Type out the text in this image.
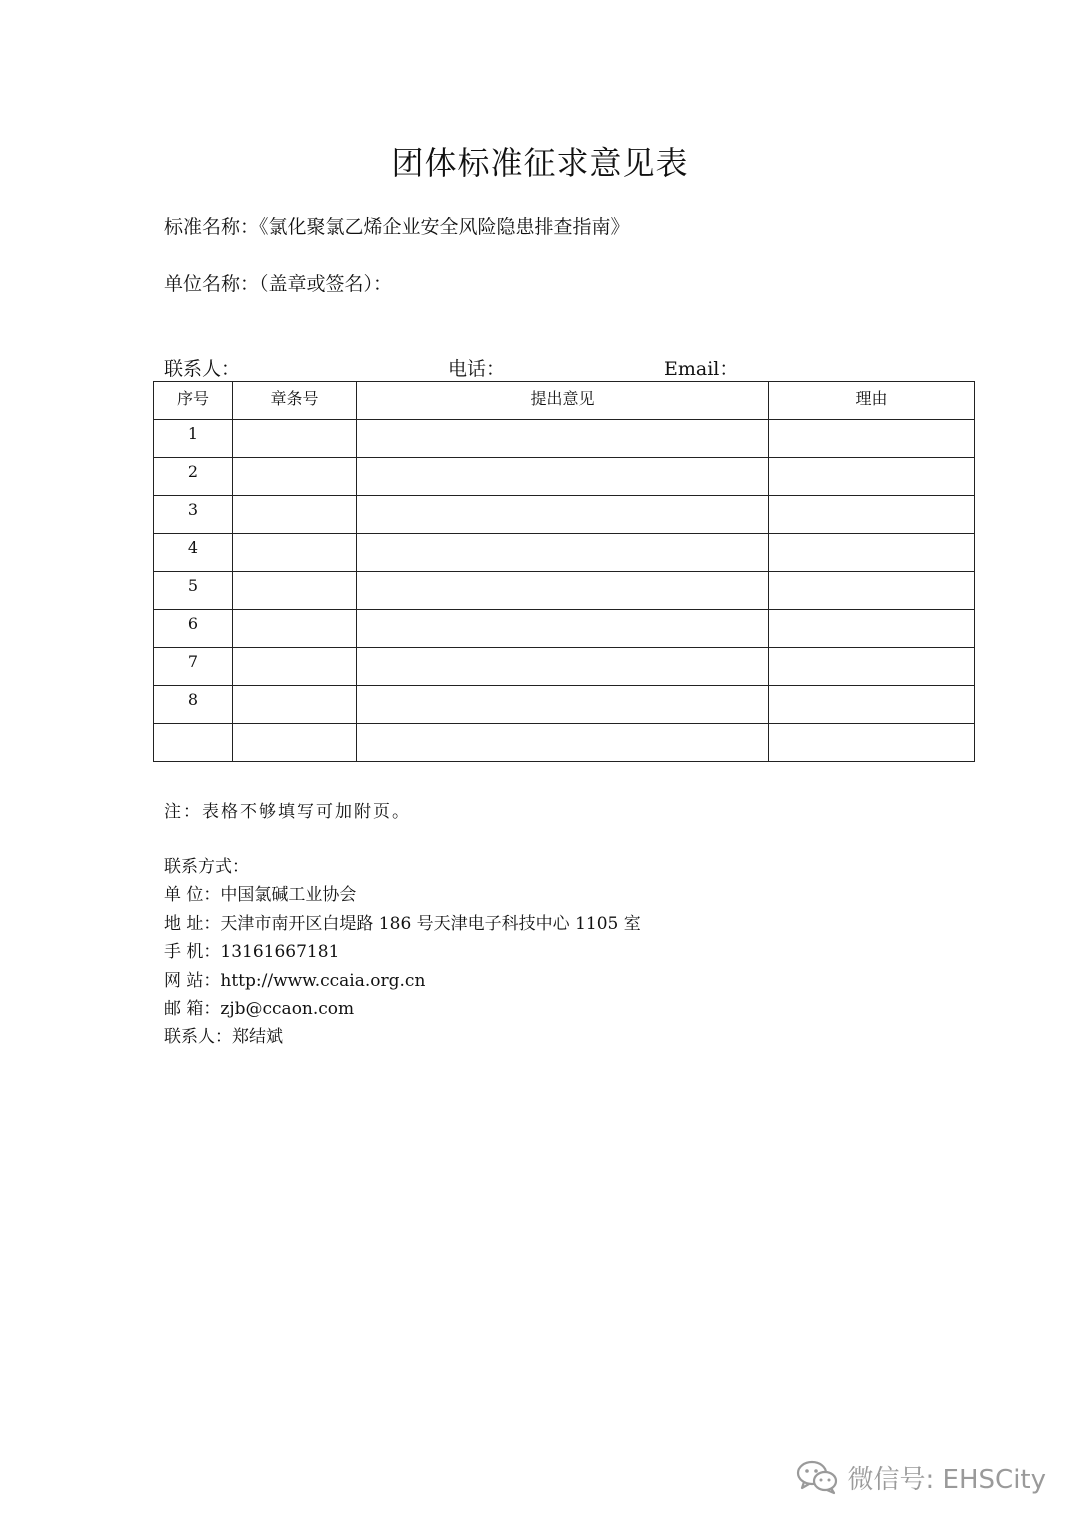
团体标准征求意见表
标准名称：《氯化聚氯乙烯企业安全风险隐患排查指南》
单位名称：（盖章或签名）：
联系人：	电话：	Email：
序号	章条号	提出意见	理由
1			
2			
3			
4			
5			
6			
7			
8			

注：表格不够填写可加附页。
联系方式：
单 位：中国氯碱工业协会
地 址：天津市南开区白堤路 186 号天津电子科技中心 1105 室
手 机：13161667181
网 站：http://www.ccaia.org.cn
邮 箱：zjb@ccaon.com
联系人：郑结斌
微信号: EHSCity
